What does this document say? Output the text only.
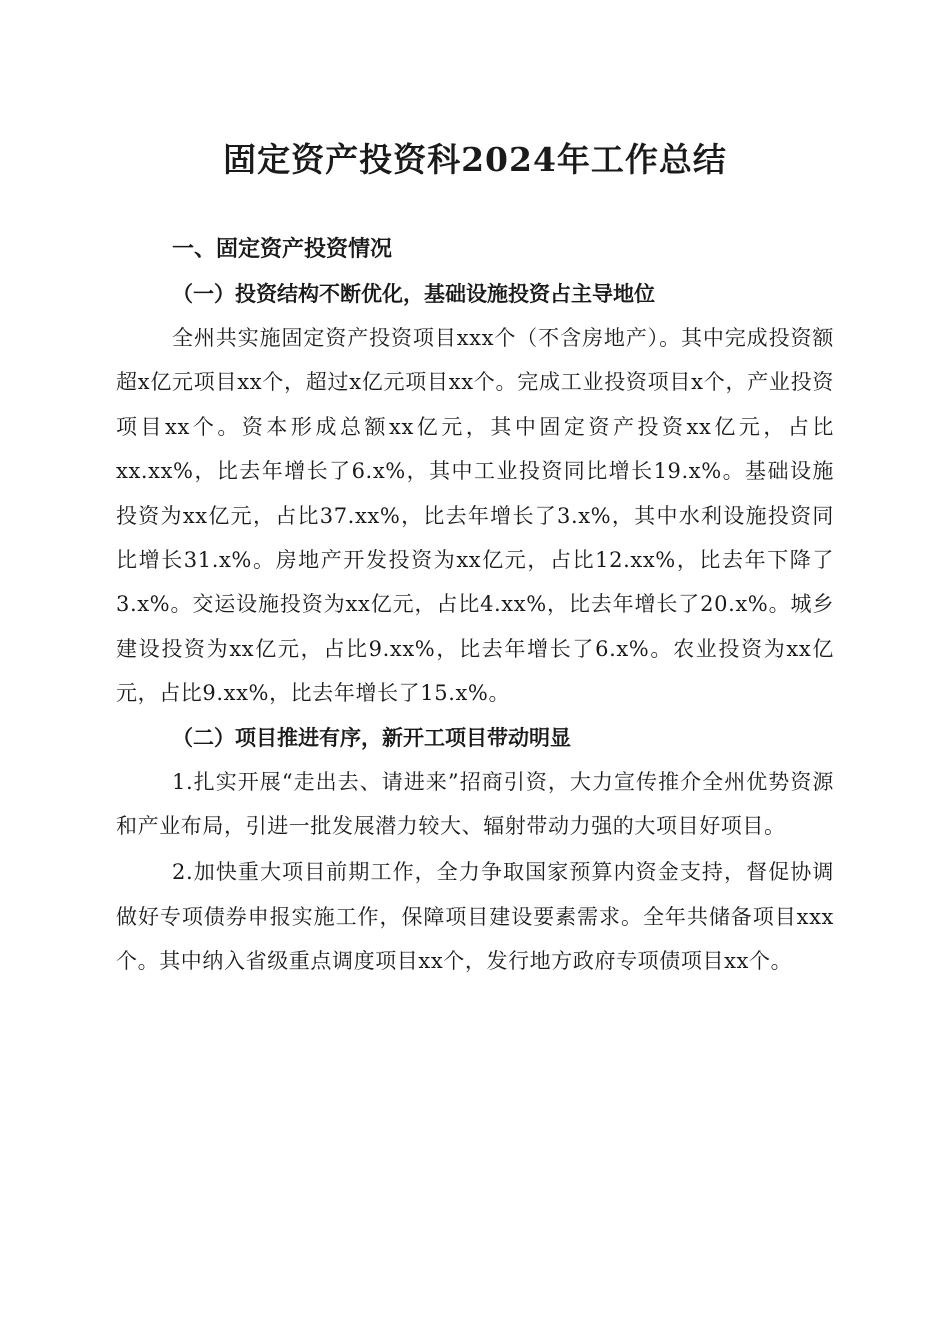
固定资产投资科2024年工作总结
一、固定资产投资情况
（一）投资结构不断优化，基础设施投资占主导地位

全州共实施固定资产投资项目xxx个（不含房地产）。其中完成投资额超x亿元项目xx个，超过x亿元项目xx个。完成工业投资项目x个，产业投资项目xx个。资本形成总额xx亿元，其中固定资产投资xx亿元，占比xx.xx%，比去年增长了6.x%，其中工业投资同比增长19.x%。基础设施投资为xx亿元，占比37.xx%，比去年增长了3.x%，其中水利设施投资同比增长31.x%。房地产开发投资为xx亿元，占比12.xx%，比去年下降了3.x%。交运设施投资为xx亿元，占比4.xx%，比去年增长了20.x%。城乡建设投资为xx亿元，占比9.xx%，比去年增长了6.x%。农业投资为xx亿元，占比9.xx%，比去年增长了15.x%。

（二）项目推进有序，新开工项目带动明显

1.扎实开展“走出去、请进来”招商引资，大力宣传推介全州优势资源和产业布局，引进一批发展潜力较大、辐射带动力强的大项目好项目。

2.加快重大项目前期工作，全力争取国家预算内资金支持，督促协调做好专项债券申报实施工作，保障项目建设要素需求。全年共储备项目xxx个。其中纳入省级重点调度项目xx个，发行地方政府专项债项目xx个。
